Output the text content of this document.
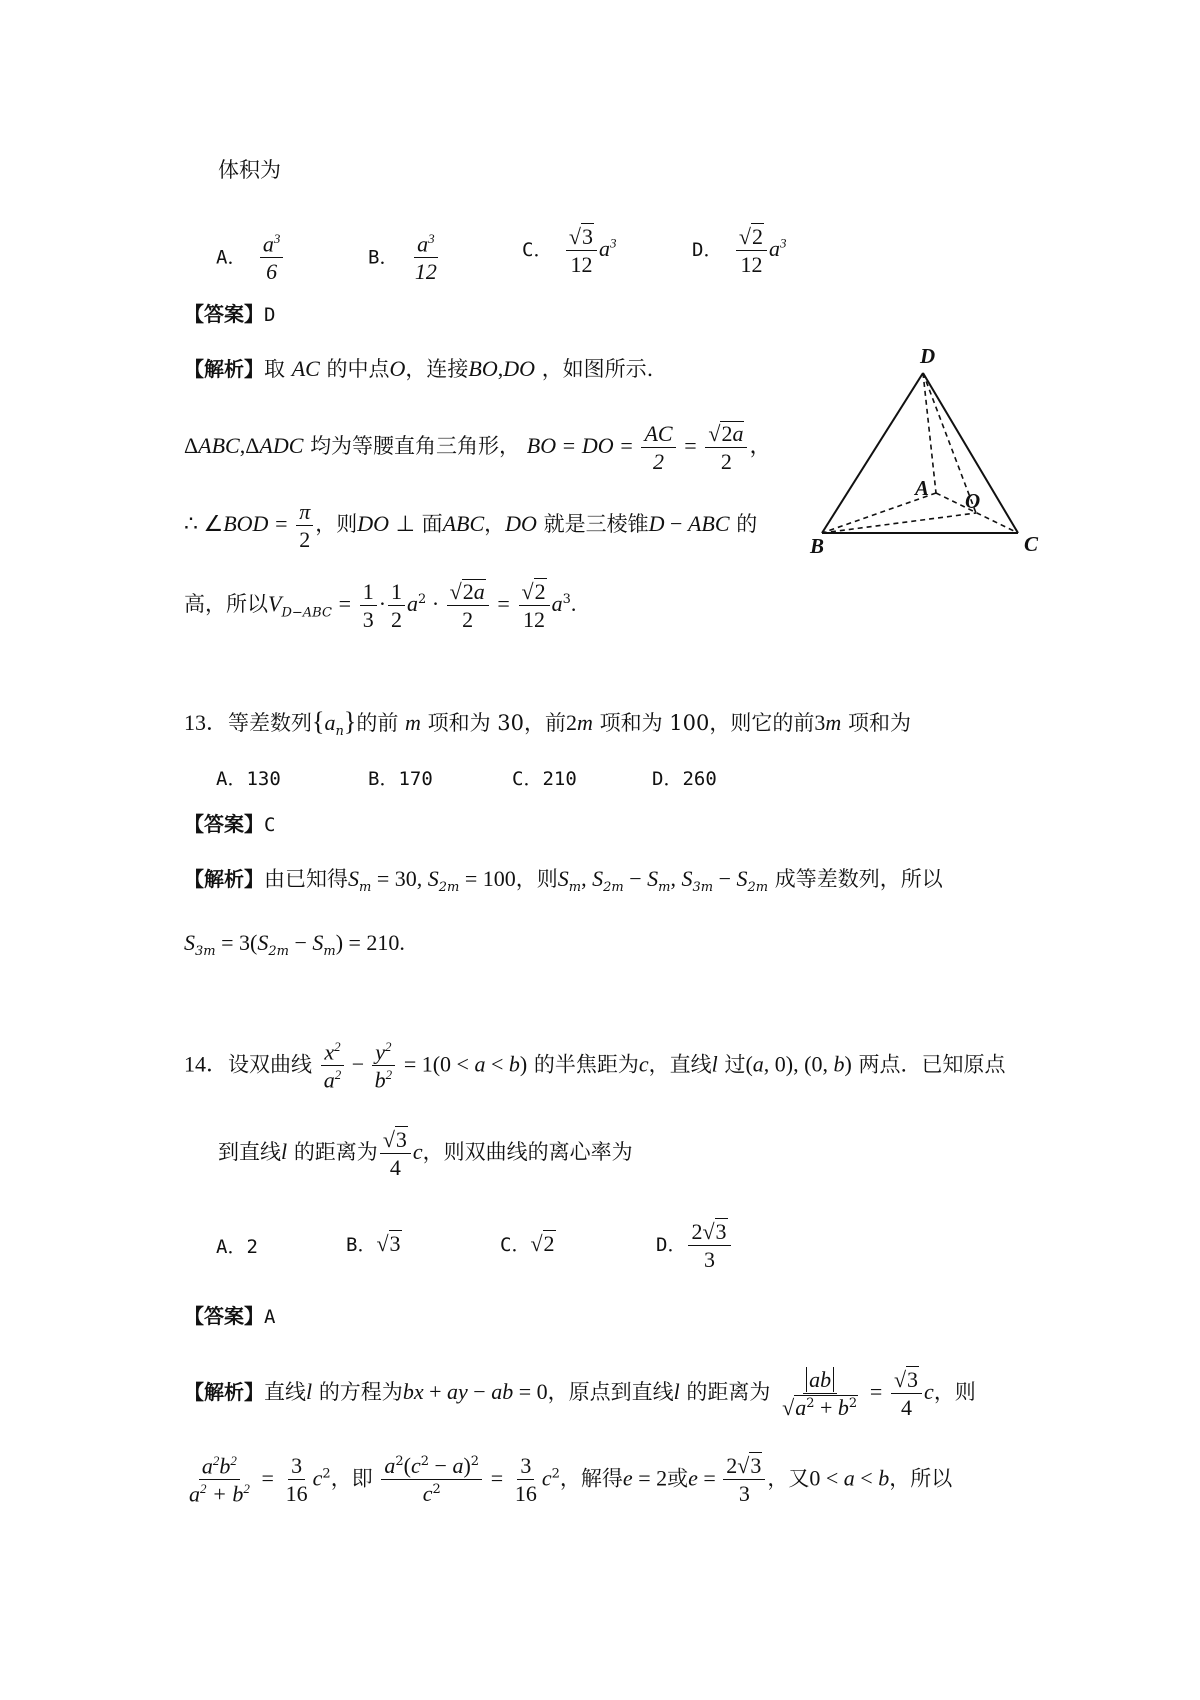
体积为
A． $\frac{a^3}{6}$	B． $\frac{a^3}{12}$	C． $\frac{√3}{12} a^3$	D． $\frac{√2}{12} a^3$
【答案】D
【解析】取 AC 的中点O，连接BO,DO ，如图所示.
ΔABC,ΔADC 均为等腰直角三角形， BO = DO = $\frac{AC}{2} = \frac{√2a}{2}$ ，
∴ ∠BOD = $\frac{\pi}{2}$ ，则DO ⊥ 面ABC，DO 就是三棱锥D − ABC 的
高，所以$V_{D-ABC} = \frac{1}{3} \cdot \frac{1}{2} a^2 \cdot \frac{√2a}{2} = \frac{√2}{12} a^3$.
D
A
O
B	C
13．等差数列$\{a_n\}$的前 m 项和为 30，前2m 项和为 100，则它的前3m 项和为
A．130	B．170	C．210	D．260
【答案】C
【解析】由已知得$S_m = 30$, $S_{2m} = 100$，则$S_m$, $S_{2m} - S_m$, $S_{3m} - S_{2m}$ 成等差数列，所以
$S_{3m} = 3(S_{2m} - S_m) = 210$.
14．设双曲线 $\frac{x^2}{a^2} - \frac{y^2}{b^2} = 1(0 < a < b)$ 的半焦距为c，直线l 过(a, 0), (0, b) 两点．已知原点
到直线l 的距离为 $\frac{√3}{4}$ c，则双曲线的离心率为
A．2	B．√3	C．√2	D． $\frac{2√3}{3}$
【答案】A
【解析】直线l 的方程为bx + ay − ab = 0，原点到直线l 的距离为 $\frac{ab}{√a^2 + b^2} = \frac{√3}{4}$ c，则
$\frac{a^2b^2}{a^2 + b^2} = \frac{3}{16} c^2$，即 $\frac{a^2(c^2 - a)^2}{c^2} = \frac{3}{16} c^2$，解得e = 2或$e = \frac{2√3}{3}$ ，又0 < a < b，所以
